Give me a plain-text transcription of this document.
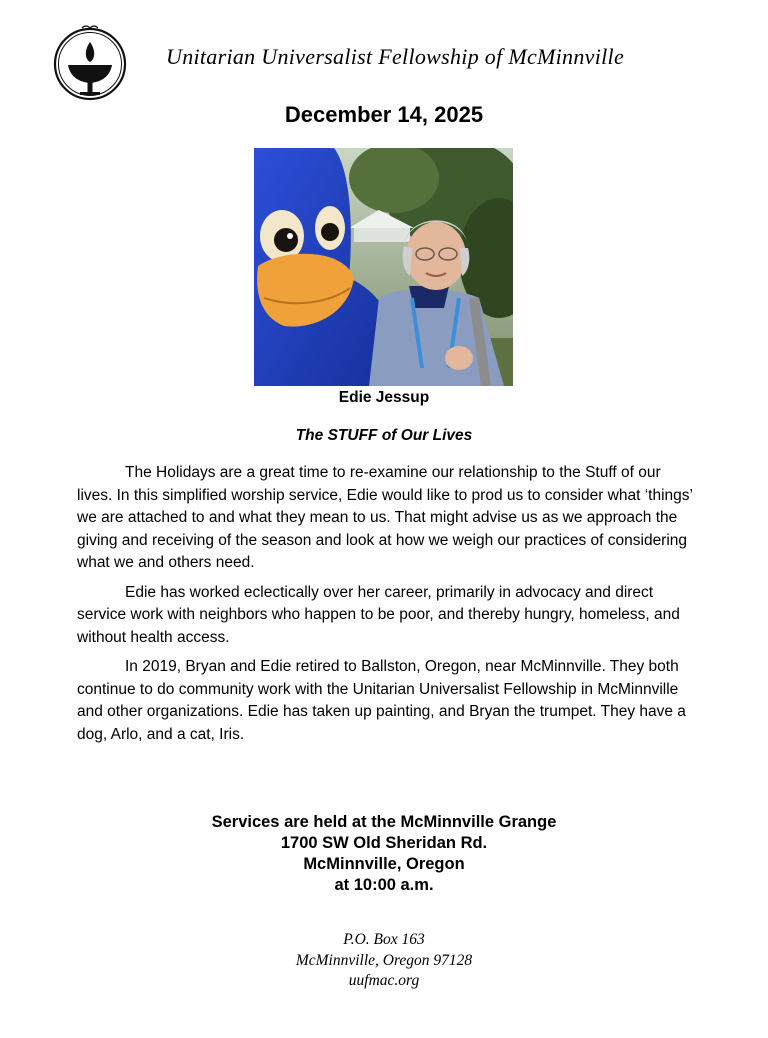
Unitarian Universalist Fellowship of McMinnville
December 14, 2025
Edie Jessup
The STUFF of Our Lives

The Holidays are a great time to re-examine our relationship to the Stuff of our lives. In this simplified worship service, Edie would like to prod us to consider what ‘things’ we are attached to and what they mean to us. That might advise us as we approach the giving and receiving of the season and look at how we weigh our practices of considering what we and others need.

Edie has worked eclectically over her career, primarily in advocacy and direct service work with neighbors who happen to be poor, and thereby hungry, homeless, and without health access.

In 2019, Bryan and Edie retired to Ballston, Oregon, near McMinnville. They both continue to do community work with the Unitarian Universalist Fellowship in McMinnville and other organizations. Edie has taken up painting, and Bryan the trumpet. They have a dog, Arlo, and a cat, Iris.

Services are held at the McMinnville Grange
1700 SW Old Sheridan Rd.
McMinnville, Oregon
at 10:00 a.m.
P.O. Box 163
McMinnville, Oregon 97128
uufmac.org
